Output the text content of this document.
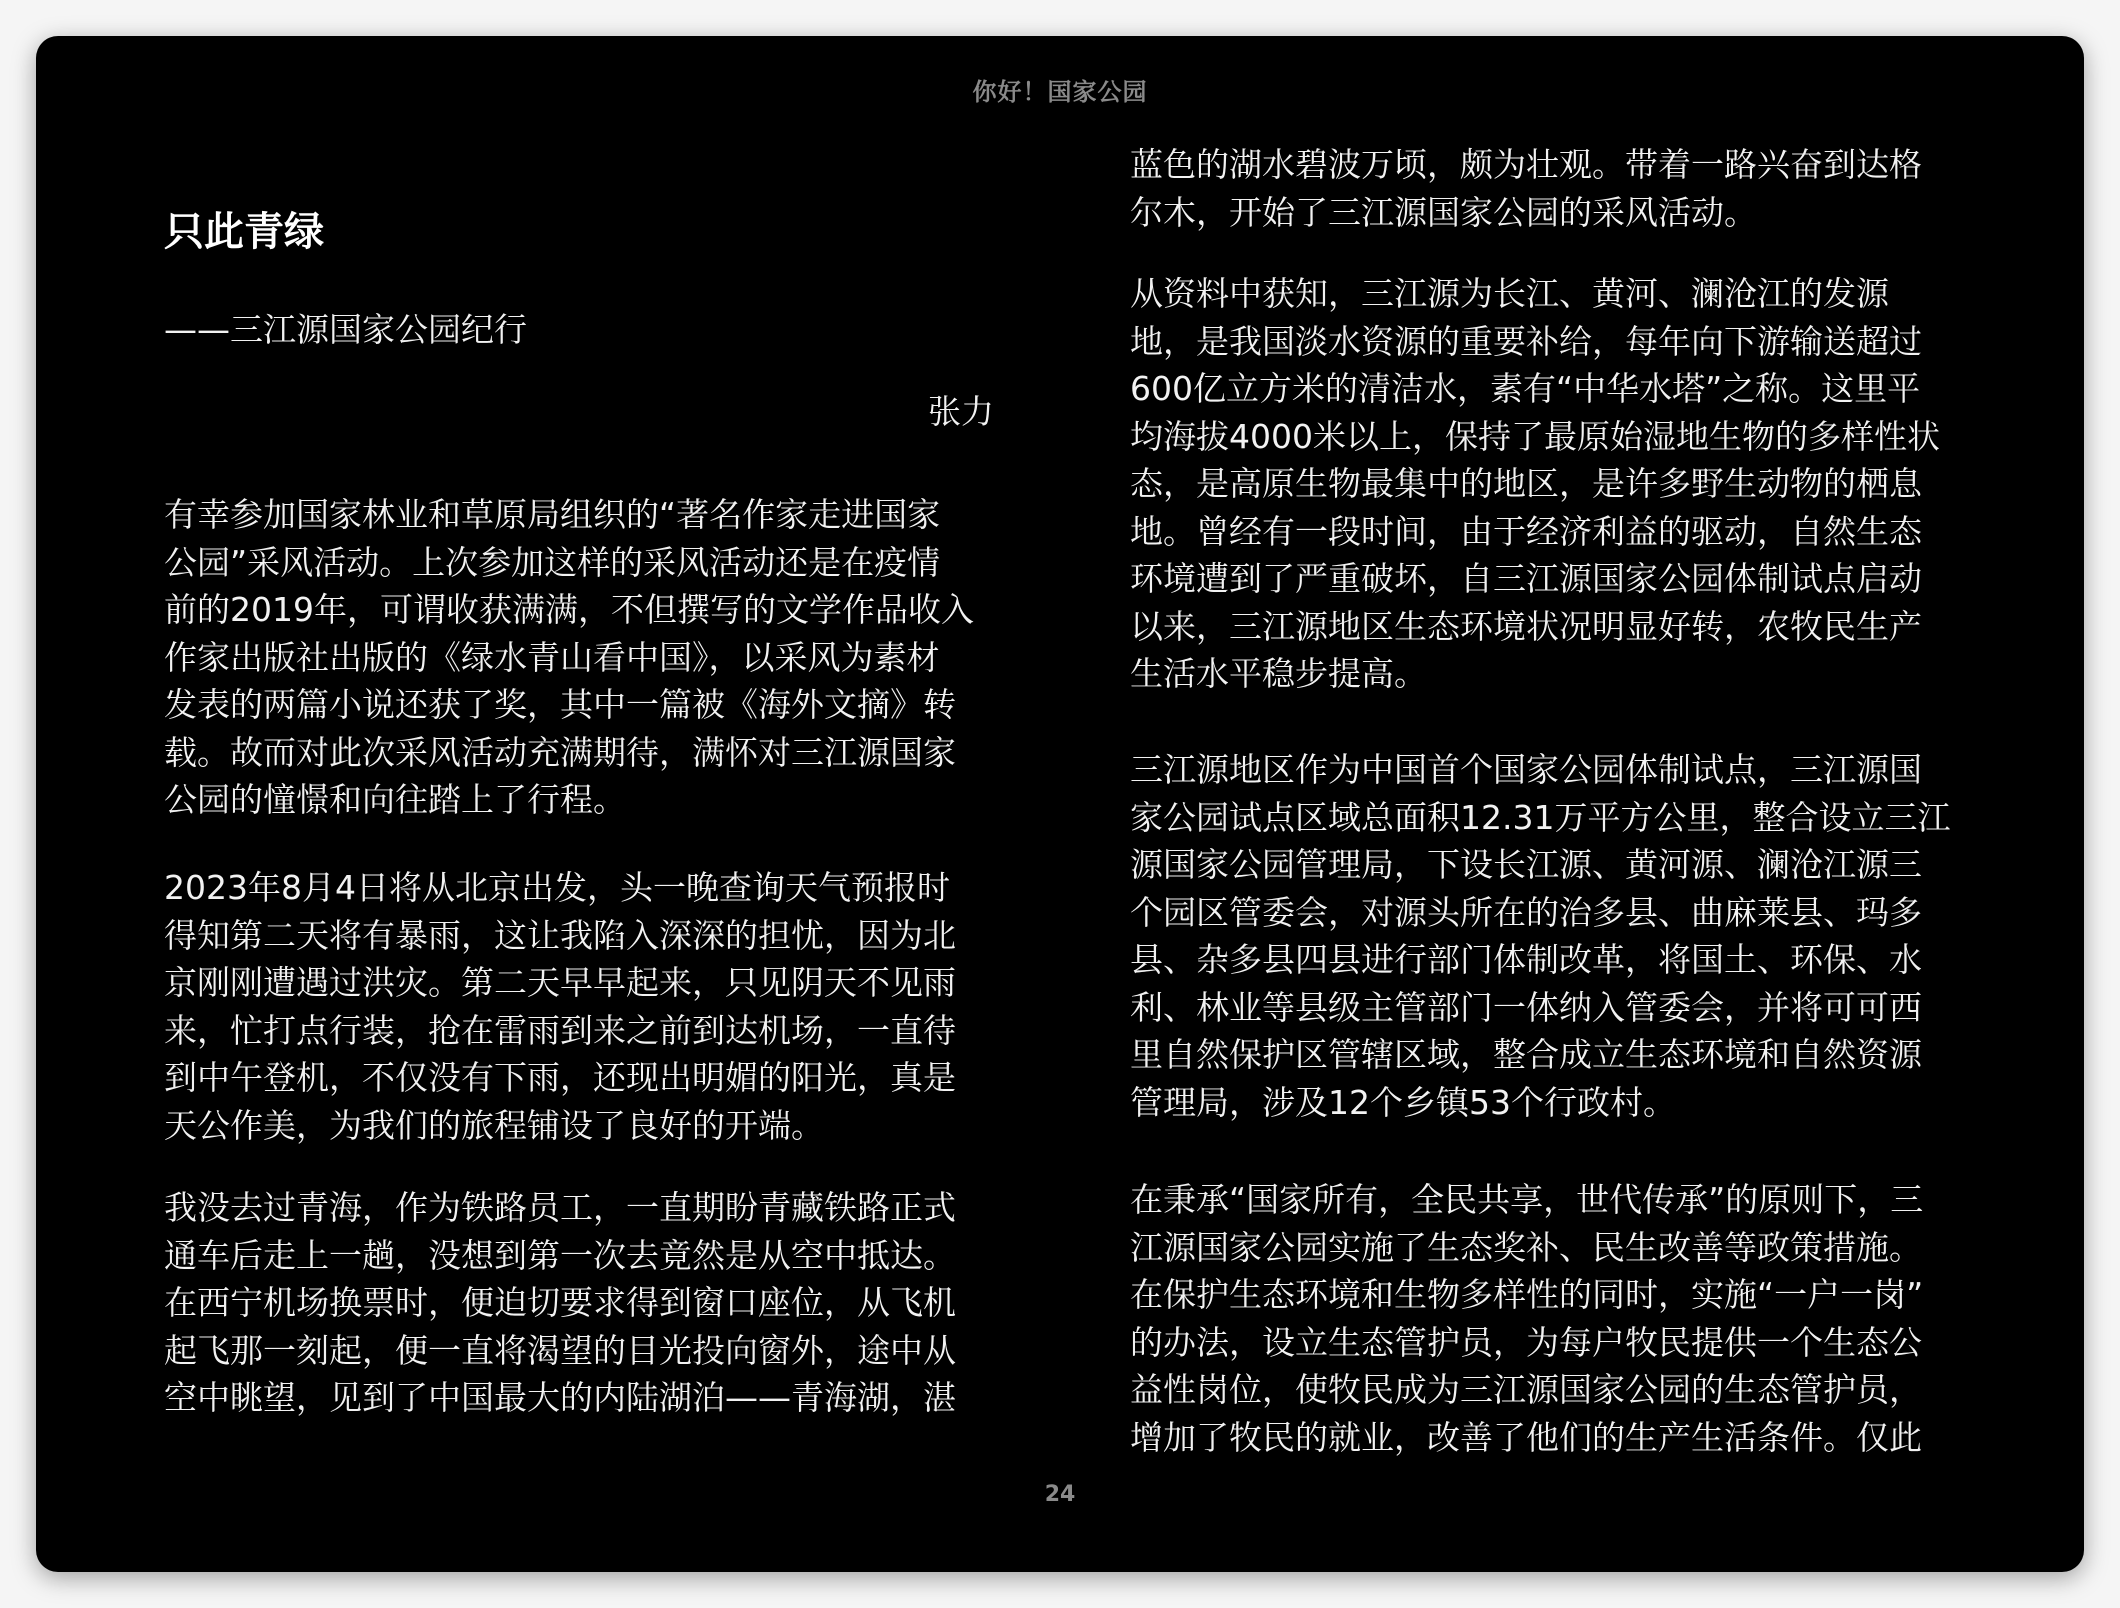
你好！国家公园
只此青绿
——三江源国家公园纪行
张力
有幸参加国家林业和草原局组织的“著名作家走进国家
公园”采风活动。上次参加这样的采风活动还是在疫情
前的2019年，可谓收获满满，不但撰写的文学作品收入
作家出版社出版的《绿水青山看中国》，以采风为素材
发表的两篇小说还获了奖，其中一篇被《海外文摘》转
载。故而对此次采风活动充满期待，满怀对三江源国家
公园的憧憬和向往踏上了行程。
2023年8月4日将从北京出发，头一晚查询天气预报时
得知第二天将有暴雨，这让我陷入深深的担忧，因为北
京刚刚遭遇过洪灾。第二天早早起来，只见阴天不见雨
来，忙打点行装，抢在雷雨到来之前到达机场，一直待
到中午登机，不仅没有下雨，还现出明媚的阳光，真是
天公作美，为我们的旅程铺设了良好的开端。
我没去过青海，作为铁路员工，一直期盼青藏铁路正式
通车后走上一趟，没想到第一次去竟然是从空中抵达。
在西宁机场换票时，便迫切要求得到窗口座位，从飞机
起飞那一刻起，便一直将渴望的目光投向窗外，途中从
空中眺望，见到了中国最大的内陆湖泊——青海湖，湛
蓝色的湖水碧波万顷，颇为壮观。带着一路兴奋到达格
尔木，开始了三江源国家公园的采风活动。
从资料中获知，三江源为长江、黄河、澜沧江的发源
地，是我国淡水资源的重要补给，每年向下游输送超过
600亿立方米的清洁水，素有“中华水塔”之称。这里平
均海拔4000米以上，保持了最原始湿地生物的多样性状
态，是高原生物最集中的地区，是许多野生动物的栖息
地。曾经有一段时间，由于经济利益的驱动，自然生态
环境遭到了严重破坏，自三江源国家公园体制试点启动
以来，三江源地区生态环境状况明显好转，农牧民生产
生活水平稳步提高。
三江源地区作为中国首个国家公园体制试点，三江源国
家公园试点区域总面积12.31万平方公里，整合设立三江
源国家公园管理局，下设长江源、黄河源、澜沧江源三
个园区管委会，对源头所在的治多县、曲麻莱县、玛多
县、杂多县四县进行部门体制改革，将国土、环保、水
利、林业等县级主管部门一体纳入管委会，并将可可西
里自然保护区管辖区域，整合成立生态环境和自然资源
管理局，涉及12个乡镇53个行政村。
在秉承“国家所有，全民共享，世代传承”的原则下，三
江源国家公园实施了生态奖补、民生改善等政策措施。
在保护生态环境和生物多样性的同时，实施“一户一岗”
的办法，设立生态管护员，为每户牧民提供一个生态公
益性岗位，使牧民成为三江源国家公园的生态管护员，
增加了牧民的就业，改善了他们的生产生活条件。仅此
24
